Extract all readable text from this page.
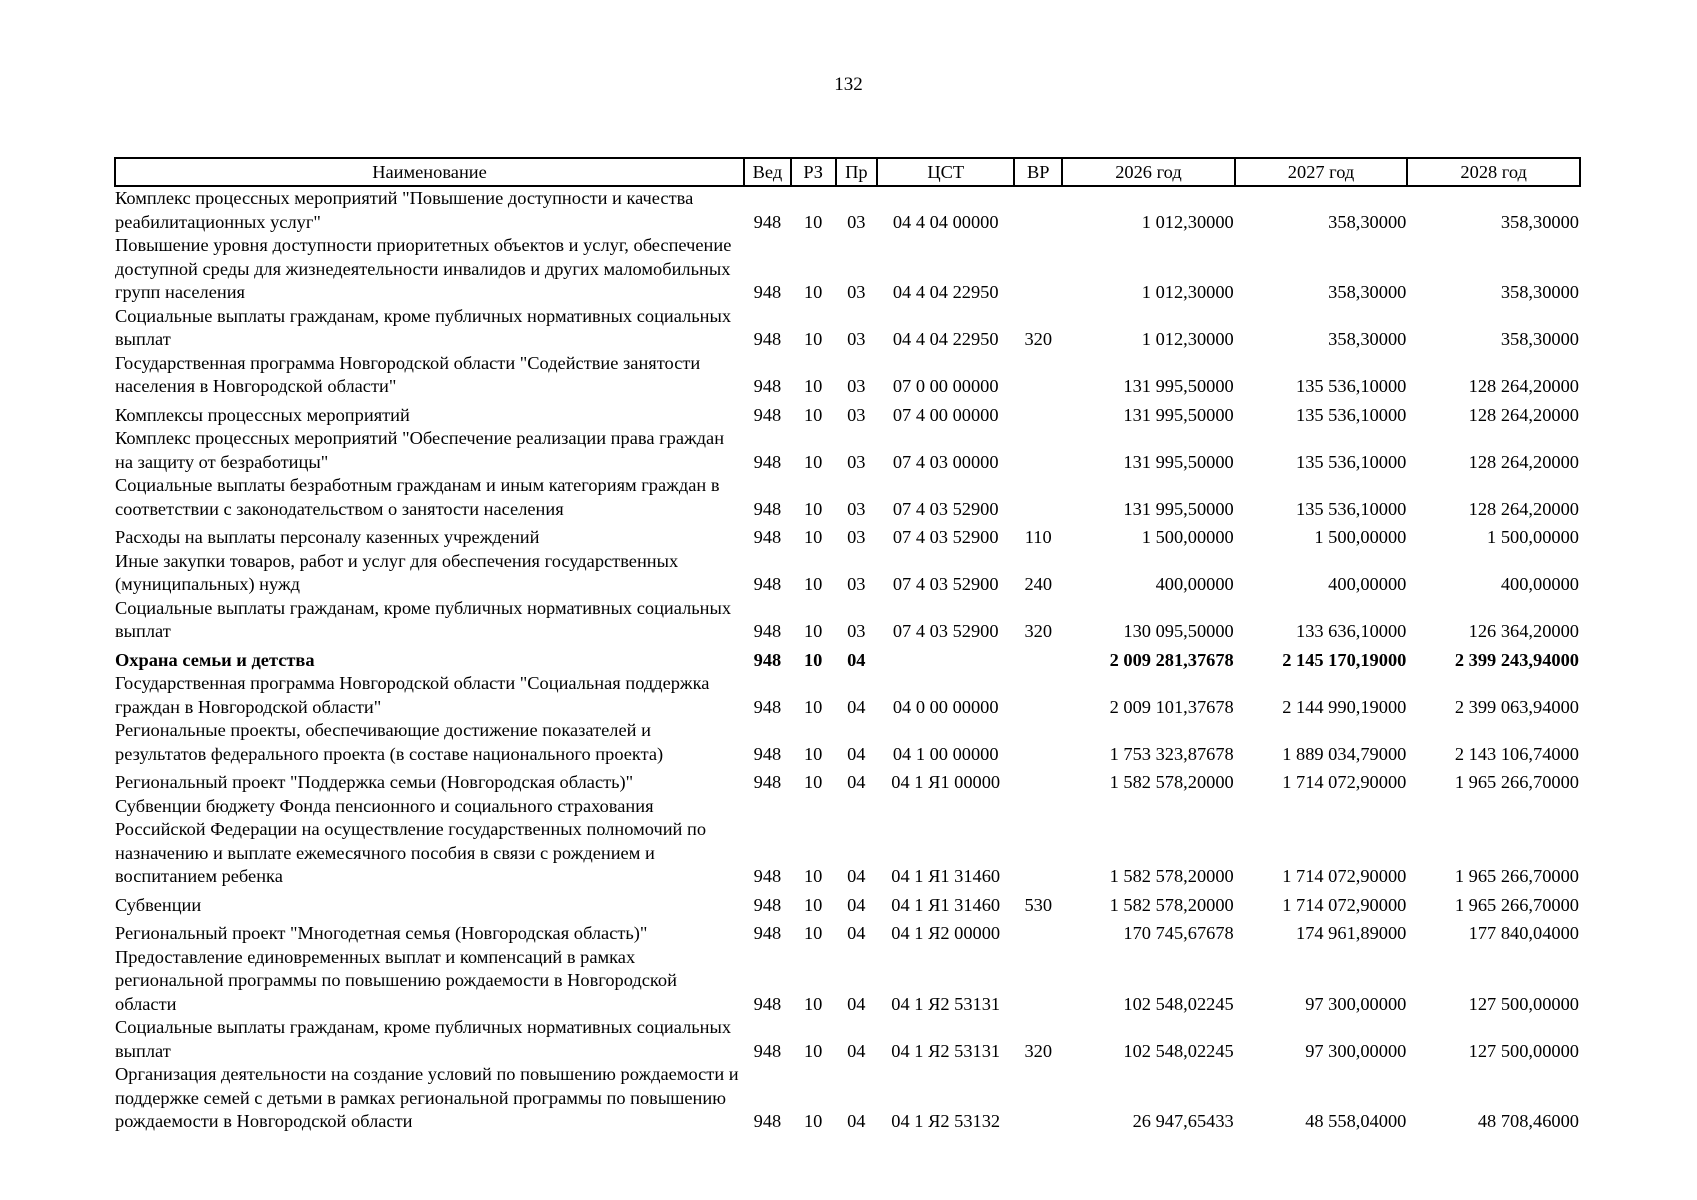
132
Наименование	Вед	РЗ	Пр	ЦСТ	ВР	2026 год	2027 год	2028 год
Комплекс процессных мероприятий "Повышение доступности и качества реабилитационных услуг"	948	10	03	04 4 04 00000		1 012,30000	358,30000	358,30000
Повышение уровня доступности приоритетных объектов и услуг, обеспечение доступной среды для жизнедеятельности инвалидов и других маломобильных групп населения	948	10	03	04 4 04 22950		1 012,30000	358,30000	358,30000
Социальные выплаты гражданам, кроме публичных нормативных социальных выплат	948	10	03	04 4 04 22950	320	1 012,30000	358,30000	358,30000
Государственная программа Новгородской области "Содействие занятости населения в Новгородской области"	948	10	03	07 0 00 00000		131 995,50000	135 536,10000	128 264,20000
Комплексы процессных мероприятий	948	10	03	07 4 00 00000		131 995,50000	135 536,10000	128 264,20000
Комплекс процессных мероприятий "Обеспечение реализации права граждан на защиту от безработицы"	948	10	03	07 4 03 00000		131 995,50000	135 536,10000	128 264,20000
Социальные выплаты безработным гражданам и иным категориям граждан в соответствии с законодательством о занятости населения	948	10	03	07 4 03 52900		131 995,50000	135 536,10000	128 264,20000
Расходы на выплаты персоналу казенных учреждений	948	10	03	07 4 03 52900	110	1 500,00000	1 500,00000	1 500,00000
Иные закупки товаров, работ и услуг для обеспечения государственных (муниципальных) нужд	948	10	03	07 4 03 52900	240	400,00000	400,00000	400,00000
Социальные выплаты гражданам, кроме публичных нормативных социальных выплат	948	10	03	07 4 03 52900	320	130 095,50000	133 636,10000	126 364,20000
Охрана семьи и детства	948	10	04			2 009 281,37678	2 145 170,19000	2 399 243,94000
Государственная программа Новгородской области "Социальная поддержка граждан в Новгородской области"	948	10	04	04 0 00 00000		2 009 101,37678	2 144 990,19000	2 399 063,94000
Региональные проекты, обеспечивающие достижение показателей и результатов федерального проекта (в составе национального проекта)	948	10	04	04 1 00 00000		1 753 323,87678	1 889 034,79000	2 143 106,74000
Региональный проект "Поддержка семьи (Новгородская область)"	948	10	04	04 1 Я1 00000		1 582 578,20000	1 714 072,90000	1 965 266,70000
Субвенции бюджету Фонда пенсионного и социального страхования Российской Федерации на осуществление государственных полномочий по назначению и выплате ежемесячного пособия в связи с рождением и воспитанием ребенка	948	10	04	04 1 Я1 31460		1 582 578,20000	1 714 072,90000	1 965 266,70000
Субвенции	948	10	04	04 1 Я1 31460	530	1 582 578,20000	1 714 072,90000	1 965 266,70000
Региональный проект "Многодетная семья (Новгородская область)"	948	10	04	04 1 Я2 00000		170 745,67678	174 961,89000	177 840,04000
Предоставление единовременных выплат и компенсаций в рамках региональной программы по повышению рождаемости в Новгородской области	948	10	04	04 1 Я2 53131		102 548,02245	97 300,00000	127 500,00000
Социальные выплаты гражданам, кроме публичных нормативных социальных выплат	948	10	04	04 1 Я2 53131	320	102 548,02245	97 300,00000	127 500,00000
Организация деятельности на создание условий по повышению рождаемости и поддержке семей с детьми в рамках региональной программы по повышению рождаемости в Новгородской области	948	10	04	04 1 Я2 53132		26 947,65433	48 558,04000	48 708,46000
